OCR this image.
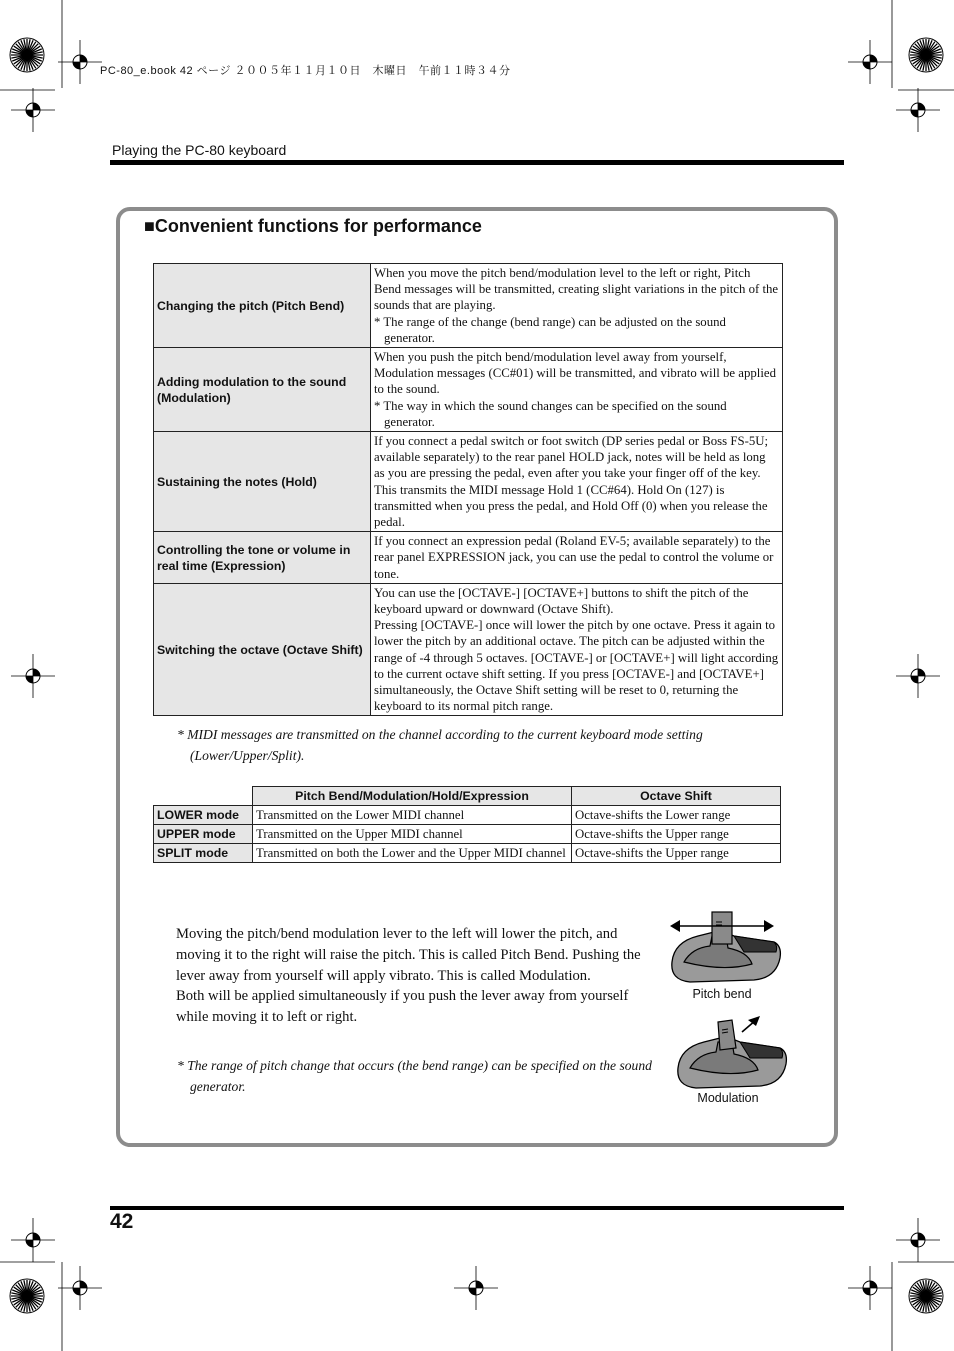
PC-80_e.book 42 ページ ２００５年１１月１０日　木曜日　午前１１時３４分
Playing the PC-80 keyboard
■Convenient functions for performance
Changing the pitch (Pitch Bend)	When you move the pitch bend/modulation level to the left or right, Pitch Bend messages will be transmitted, creating slight variations in the pitch of the sounds that are playing.
* The range of the change (bend range) can be adjusted on the sound generator.

Adding modulation to the sound (Modulation)	When you push the pitch bend/modulation level away from yourself, Modulation messages (CC#01) will be transmitted, and vibrato will be applied to the sound.
* The way in which the sound changes can be specified on the sound generator.

Sustaining the notes (Hold)	If you connect a pedal switch or foot switch (DP series pedal or Boss FS-5U; available separately) to the rear panel HOLD jack, notes will be held as long as you are pressing the pedal, even after you take your finger off of the key. This transmits the MIDI message Hold 1 (CC#64). Hold On (127) is transmitted when you press the pedal, and Hold Off (0) when you release the pedal.

Controlling the tone or volume in real time (Expression)	If you connect an expression pedal (Roland EV-5; available separately) to the rear panel EXPRESSION jack, you can use the pedal to control the volume or tone.

Switching the octave (Octave Shift)	You can use the [OCTAVE-] [OCTAVE+] buttons to shift the pitch of the keyboard upward or downward (Octave Shift).
Pressing [OCTAVE-] once will lower the pitch by one octave. Press it again to lower the pitch by an additional octave. The pitch can be adjusted within the range of -4 through 5 octaves. [OCTAVE-] or [OCTAVE+] will light according to the current octave shift setting. If you press [OCTAVE-] and [OCTAVE+] simultaneously, the Octave Shift setting will be reset to 0, returning the keyboard to its normal pitch range.
* MIDI messages are transmitted on the channel according to the current keyboard mode setting (Lower/Upper/Split).
	Pitch Bend/Modulation/Hold/Expression	Octave Shift
LOWER mode	Transmitted on the Lower MIDI channel	Octave-shifts the Lower range
UPPER mode	Transmitted on the Upper MIDI channel	Octave-shifts the Upper range
SPLIT mode	Transmitted on both the Lower and the Upper MIDI channel	Octave-shifts the Upper range

Moving the pitch/bend modulation lever to the left will lower the pitch, and moving it to the right will raise the pitch. This is called Pitch Bend. Pushing the lever away from yourself will apply vibrato. This is called Modulation.

Both will be applied simultaneously if you push the lever away from yourself while moving it to left or right.

* The range of pitch change that occurs (the bend range) can be specified on the sound generator.
Pitch bend
Modulation
42
